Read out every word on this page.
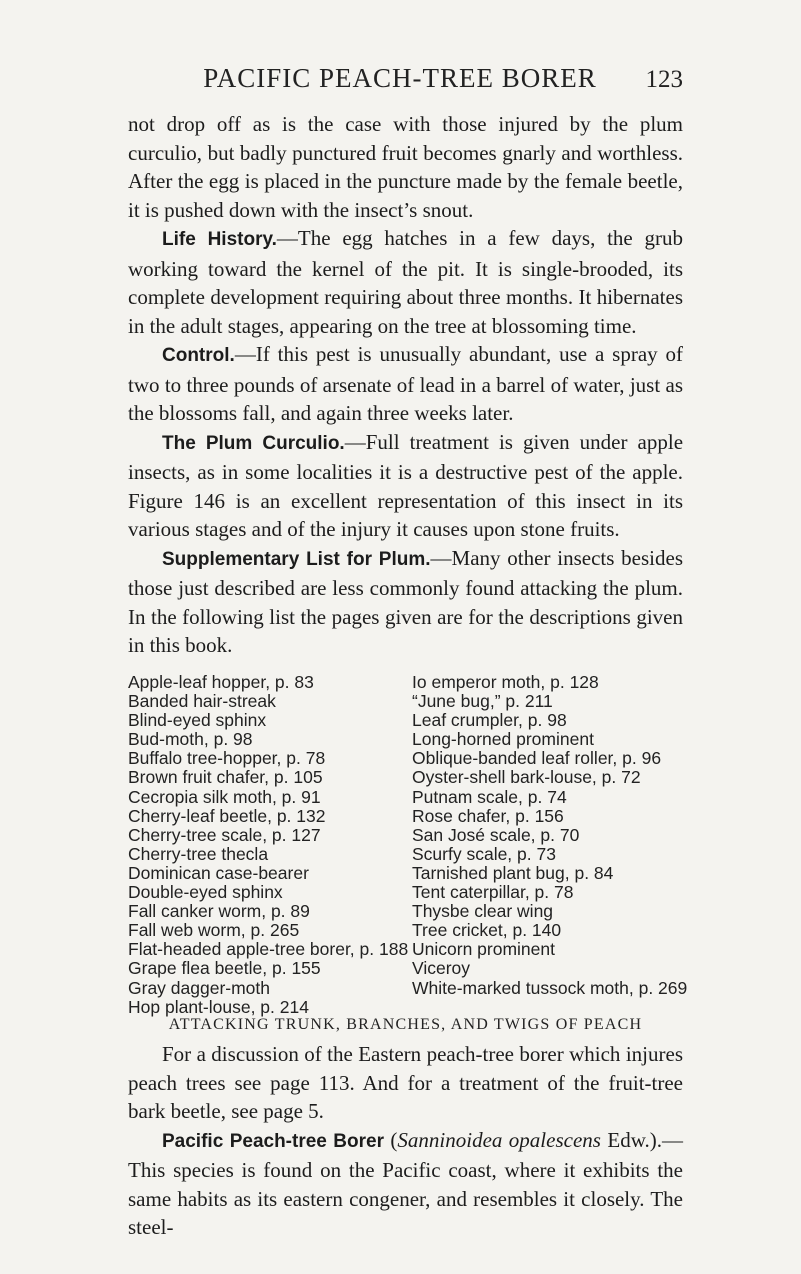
PACIFIC PEACH-TREE BORER	123

not drop off as is the case with those injured by the plum curculio, but badly punctured fruit becomes gnarly and worthless. After the egg is placed in the puncture made by the female beetle, it is pushed down with the insect’s snout.

Life History.—The egg hatches in a few days, the grub working toward the kernel of the pit. It is single-brooded, its complete development requiring about three months. It hibernates in the adult stages, appearing on the tree at blossoming time.

Control.—If this pest is unusually abundant, use a spray of two to three pounds of arsenate of lead in a barrel of water, just as the blossoms fall, and again three weeks later.

The Plum Curculio.—Full treatment is given under apple insects, as in some localities it is a destructive pest of the apple. Figure 146 is an excellent representation of this insect in its various stages and of the injury it causes upon stone fruits.

Supplementary List for Plum.—Many other insects besides those just described are less commonly found attacking the plum. In the following list the pages given are for the descriptions given in this book.

Apple-leaf hopper, p. 83
Banded hair-streak
Blind-eyed sphinx
Bud-moth, p. 98
Buffalo tree-hopper, p. 78
Brown fruit chafer, p. 105
Cecropia silk moth, p. 91
Cherry-leaf beetle, p. 132
Cherry-tree scale, p. 127
Cherry-tree thecla
Dominican case-bearer
Double-eyed sphinx
Fall canker worm, p. 89
Fall web worm, p. 265
Flat-headed apple-tree borer, p. 188
Grape flea beetle, p. 155
Gray dagger-moth
Hop plant-louse, p. 214
Io emperor moth, p. 128
“June bug,” p. 211
Leaf crumpler, p. 98
Long-horned prominent
Oblique-banded leaf roller, p. 96
Oyster-shell bark-louse, p. 72
Putnam scale, p. 74
Rose chafer, p. 156
San José scale, p. 70
Scurfy scale, p. 73
Tarnished plant bug, p. 84
Tent caterpillar, p. 78
Thysbe clear wing
Tree cricket, p. 140
Unicorn prominent
Viceroy
White-marked tussock moth, p. 269
ATTACKING TRUNK, BRANCHES, AND TWIGS OF PEACH

For a discussion of the Eastern peach-tree borer which injures peach trees see page 113. And for a treatment of the fruit-tree bark beetle, see page 5.

Pacific Peach-tree Borer (Sanninoidea opalescens Edw.).—This species is found on the Pacific coast, where it exhibits the same habits as its eastern congener, and resembles it closely. The steel-
